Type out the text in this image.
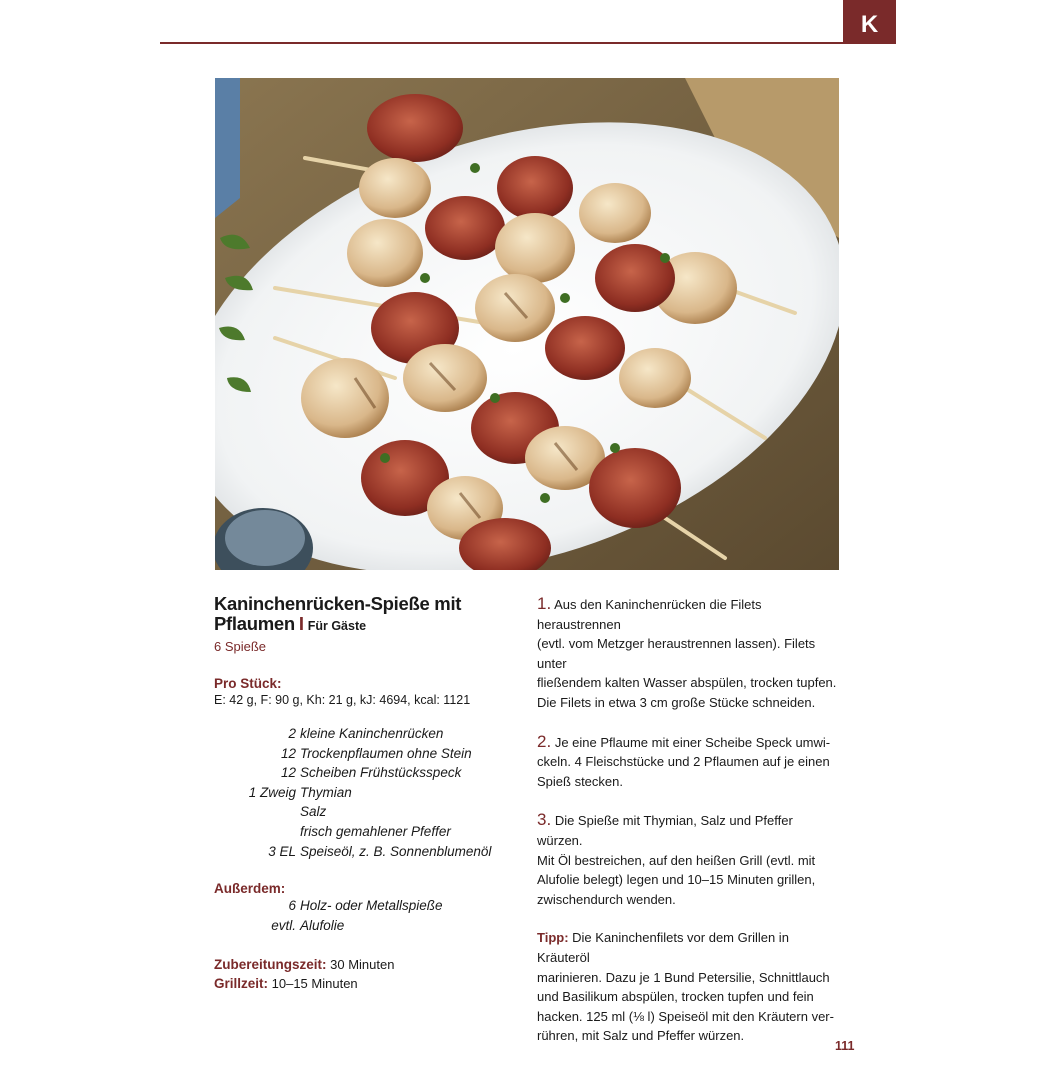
K
Kaninchenrücken-Spieße mit
Pflaumen I Für Gäste
6 Spieße
Pro Stück:
E: 42 g, F: 90 g, Kh: 21 g, kJ: 4694, kcal: 1121
2 kleine Kaninchenrücken
12 Trockenpflaumen ohne Stein
12 Scheiben Frühstücksspeck
1 Zweig Thymian
Salz
frisch gemahlener Pfeffer
3 EL Speiseöl, z. B. Sonnenblumenöl
Außerdem:
6 Holz- oder Metallspieße
evtl. Alufolie
Zubereitungszeit: 30 Minuten
Grillzeit: 10–15 Minuten
1. Aus den Kaninchenrücken die Filets heraustrennen
(evtl. vom Metzger heraustrennen lassen). Filets unter
fließendem kalten Wasser abspülen, trocken tupfen.
Die Filets in etwa 3 cm große Stücke schneiden.
2. Je eine Pflaume mit einer Scheibe Speck umwi-
ckeln. 4 Fleischstücke und 2 Pflaumen auf je einen
Spieß stecken.
3. Die Spieße mit Thymian, Salz und Pfeffer würzen.
Mit Öl bestreichen, auf den heißen Grill (evtl. mit
Alufolie belegt) legen und 10–15 Minuten grillen,
zwischendurch wenden.
Tipp: Die Kaninchenfilets vor dem Grillen in Kräuteröl
marinieren. Dazu je 1 Bund Petersilie, Schnittlauch
und Basilikum abspülen, trocken tupfen und fein
hacken. 125 ml (⅛ l) Speiseöl mit den Kräutern ver-
rühren, mit Salz und Pfeffer würzen.
111
